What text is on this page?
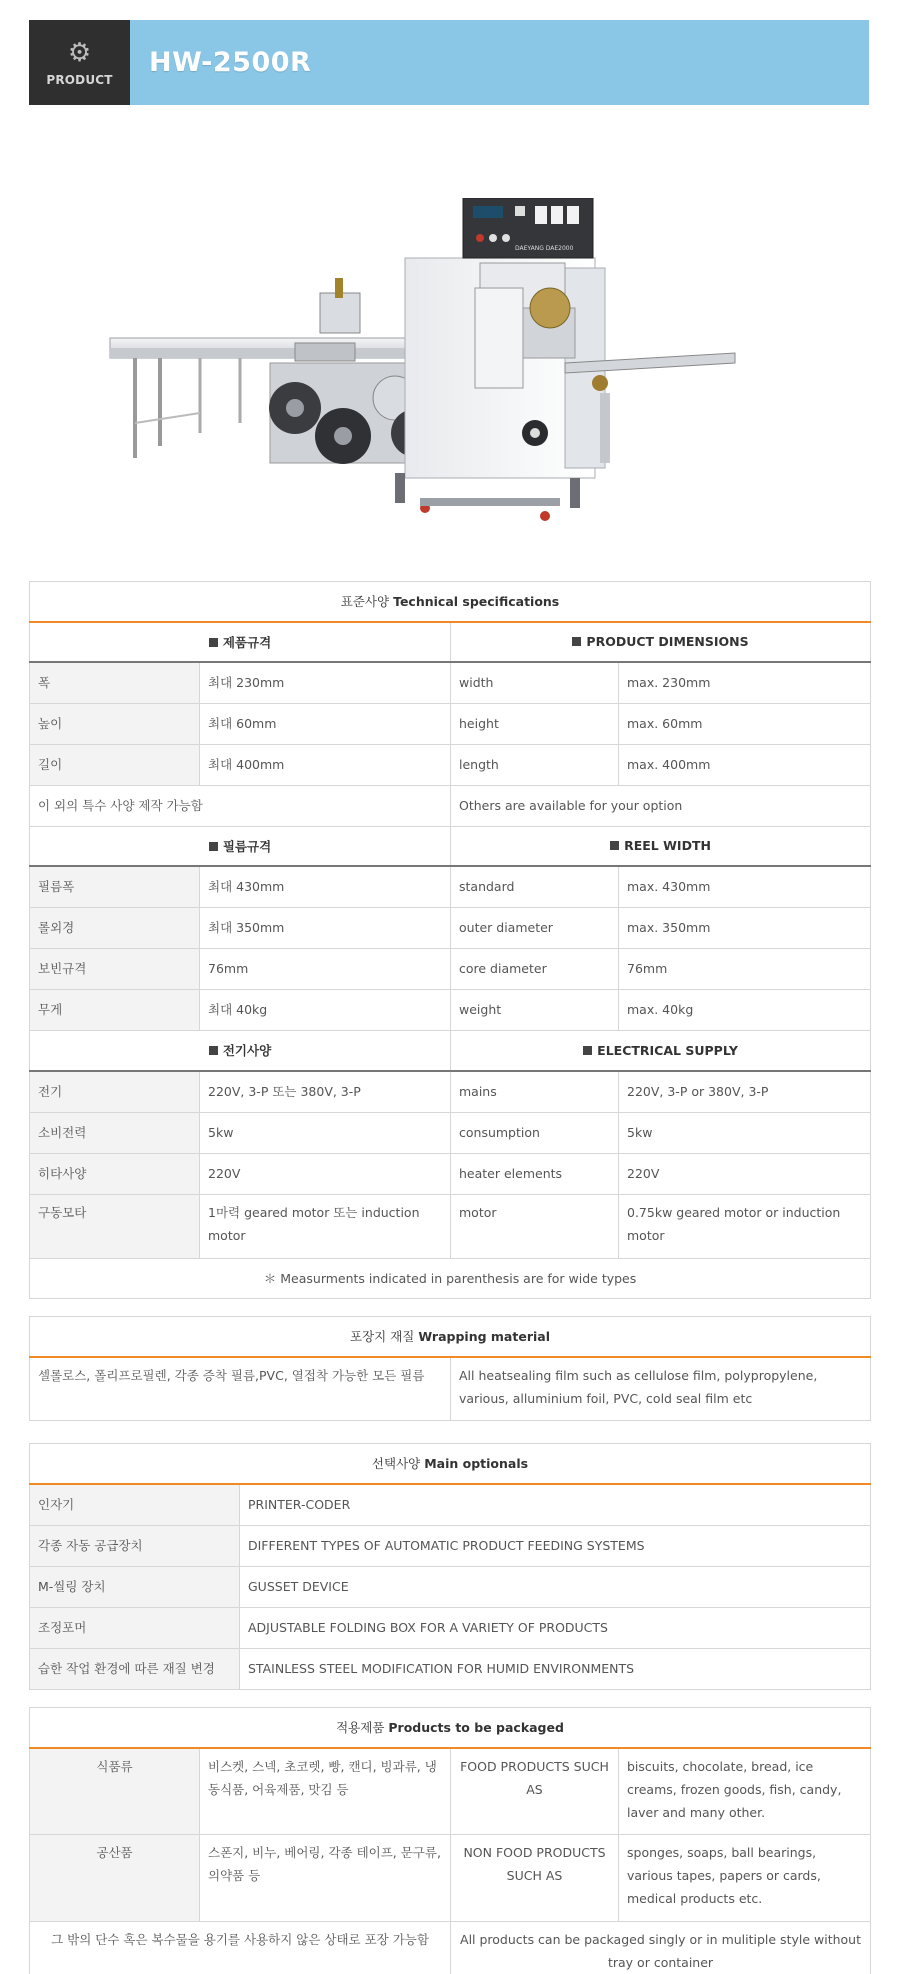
⚙
PRODUCT
HW-2500R
DAEYANG DAE2000
표준사양 Technical specifications			
제품규격		PRODUCT DIMENSIONS	
폭	최대 230mm	width	max. 230mm
높이	최대 60mm	height	max. 60mm
길이	최대 400mm	length	max. 400mm
이 외의 특수 사양 제작 가능함		Others are available for your option	
필름규격		REEL WIDTH	
필름폭	최대 430mm	standard	max. 430mm
롤외경	최대 350mm	outer diameter	max. 350mm
보빈규격	76mm	core diameter	76mm
무게	최대 40kg	weight	max. 40kg
전기사양		ELECTRICAL SUPPLY	
전기	220V, 3-P 또는 380V, 3-P	mains	220V, 3-P or 380V, 3-P
소비전력	5kw	consumption	5kw
히타사양	220V	heater elements	220V
구동모타	1마력 geared motor 또는 induction motor	motor	0.75kw geared motor or induction motor
＊ Measurments indicated in parenthesis are for wide types			
포장지 재질 Wrapping material
셀롤로스, 폴리프로필렌, 각종 증착 필름,PVC, 열접착 가능한 모든 필름	All heatsealing film such as cellulose film, polypropylene, various, alluminium foil, PVC, cold seal film etc
선택사양 Main optionals	
인자기	PRINTER-CODER
각종 자동 공급장치	DIFFERENT TYPES OF AUTOMATIC PRODUCT FEEDING SYSTEMS
M-씰링 장치	GUSSET DEVICE
조정포머	ADJUSTABLE FOLDING BOX FOR A VARIETY OF PRODUCTS
습한 작업 환경에 따른 재질 변경	STAINLESS STEEL MODIFICATION FOR HUMID ENVIRONMENTS
적용제품 Products to be packaged			
식품류	비스켓, 스넥, 초코렛, 빵, 캔디, 빙과류, 냉동식품, 어육제품, 맛김 등	FOOD PRODUCTS SUCH AS	biscuits, chocolate, bread, ice creams, frozen goods, fish, candy, laver and many other.
공산품	스폰지, 비누, 베어링, 각종 테이프, 문구류, 의약품 등	NON FOOD PRODUCTS SUCH AS	sponges, soaps, ball bearings, various tapes, papers or cards, medical products etc.
그 밖의 단수 혹은 복수물을 용기를 사용하지 않은 상태로 포장 가능함		All products can be packaged singly or in mulitiple style without tray or container	
